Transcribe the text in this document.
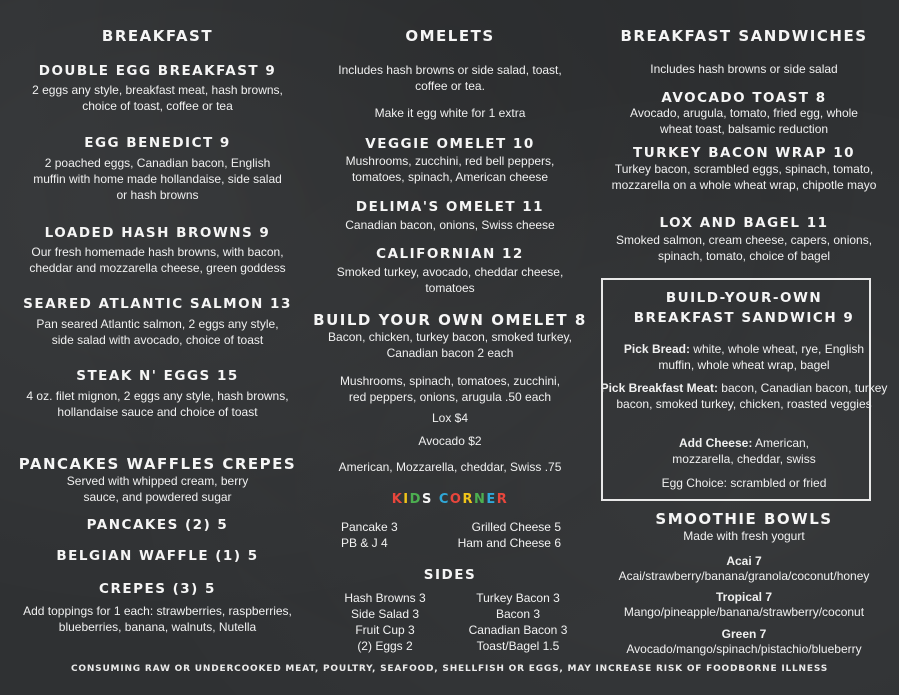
BREAKFAST
DOUBLE EGG BREAKFAST 9
2 eggs any style, breakfast meat, hash browns, choice of toast, coffee or tea
EGG BENEDICT 9
2 poached eggs, Canadian bacon, English muffin with home made hollandaise, side salad or hash browns
LOADED HASH BROWNS 9
Our fresh homemade hash browns, with bacon, cheddar and mozzarella cheese, green goddess
SEARED ATLANTIC SALMON 13
Pan seared Atlantic salmon, 2 eggs any style, side salad with avocado, choice of toast
STEAK N' EGGS 15
4 oz. filet mignon, 2 eggs any style, hash browns, hollandaise sauce and choice of toast
PANCAKES WAFFLES CREPES
Served with whipped cream, berry sauce, and powdered sugar
PANCAKES (2) 5
BELGIAN WAFFLE (1) 5
CREPES (3) 5
Add toppings for 1 each: strawberries, raspberries, blueberries, banana, walnuts, Nutella
OMELETS
Includes hash browns or side salad, toast, coffee or tea.
Make it egg white for 1 extra
VEGGIE OMELET 10
Mushrooms, zucchini, red bell peppers, tomatoes, spinach, American cheese
DELIMA'S OMELET 11
Canadian bacon, onions, Swiss cheese
CALIFORNIAN 12
Smoked turkey, avocado, cheddar cheese, tomatoes
BUILD YOUR OWN OMELET 8
Bacon, chicken, turkey bacon, smoked turkey, Canadian bacon 2 each
Mushrooms, spinach, tomatoes, zucchini, red peppers, onions, arugula .50 each
Lox $4
Avocado $2
American, Mozzarella, cheddar, Swiss .75
KIDS CORNER
Pancake 3
PB & J 4
Grilled Cheese 5
Ham and Cheese 6
SIDES
Hash Browns 3
Side Salad 3
Fruit Cup 3
(2) Eggs 2
Turkey Bacon 3
Bacon 3
Canadian Bacon 3
Toast/Bagel 1.5
BREAKFAST SANDWICHES
Includes hash browns or side salad
AVOCADO TOAST 8
Avocado, arugula, tomato, fried egg, whole wheat toast, balsamic reduction
TURKEY BACON WRAP 10
Turkey bacon, scrambled eggs, spinach, tomato, mozzarella on a whole wheat wrap, chipotle mayo
LOX AND BAGEL 11
Smoked salmon, cream cheese, capers, onions, spinach, tomato, choice of bagel
BUILD-YOUR-OWN
BREAKFAST SANDWICH 9
Pick Bread: white, whole wheat, rye, English muffin, whole wheat wrap, bagel
Pick Breakfast Meat: bacon, Canadian bacon, turkey bacon, smoked turkey, chicken, roasted veggies
Add Cheese: American, mozzarella, cheddar, swiss
Egg Choice: scrambled or fried
SMOOTHIE BOWLS
Made with fresh yogurt
Acai 7
Acai/strawberry/banana/granola/coconut/honey
Tropical 7
Mango/pineapple/banana/strawberry/coconut
Green 7
Avocado/mango/spinach/pistachio/blueberry
CONSUMING RAW OR UNDERCOOKED MEAT, POULTRY, SEAFOOD, SHELLFISH OR EGGS, MAY INCREASE RISK OF FOODBORNE ILLNESS
